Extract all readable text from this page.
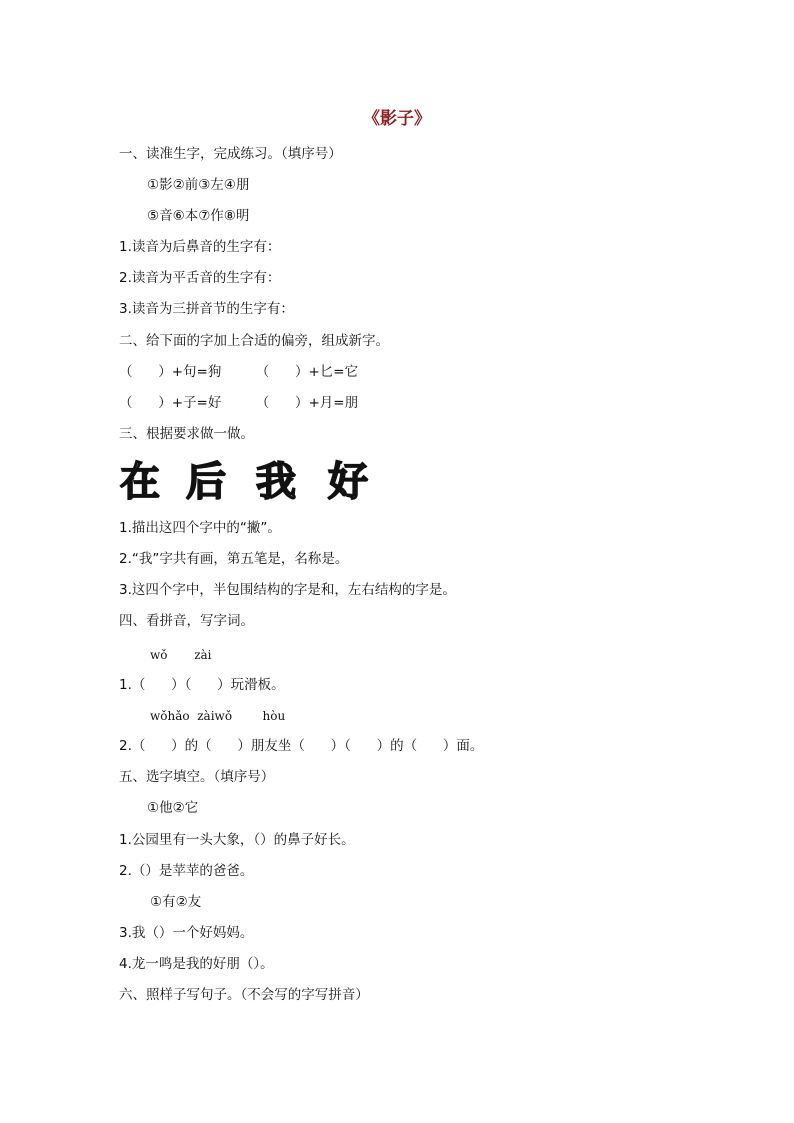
《影子》
一、读准生字，完成练习。（填序号）
①影②前③左④朋
⑤音⑥本⑦作⑧明
1.读音为后鼻音的生字有：
2.读音为平舌音的生字有：
3.读音为三拼音节的生字有：
二、给下面的字加上合适的偏旁，组成新字。
（      ）+句=狗        （      ）+匕=它
（      ）+子=好        （      ）+月=朋
三、根据要求做一做。
在 后 我 好
1.描出这四个字中的“撇”。
2.“我”字共有画，第五笔是，名称是。
3.这四个字中，半包围结构的字是和，左右结构的字是。
四、看拼音，写字词。
wǒ       zài
1.（      ）（      ）玩滑板。
wǒhǎo  zàiwǒ        hòu
2.（      ）的（      ）朋友坐（      ）（      ）的（      ）面。
五、选字填空。（填序号）
①他②它
1.公园里有一头大象，（）的鼻子好长。
2.（）是苹苹的爸爸。
①有②友
3.我（）一个好妈妈。
4.龙一鸣是我的好朋（）。
六、照样子写句子。（不会写的字写拼音）
